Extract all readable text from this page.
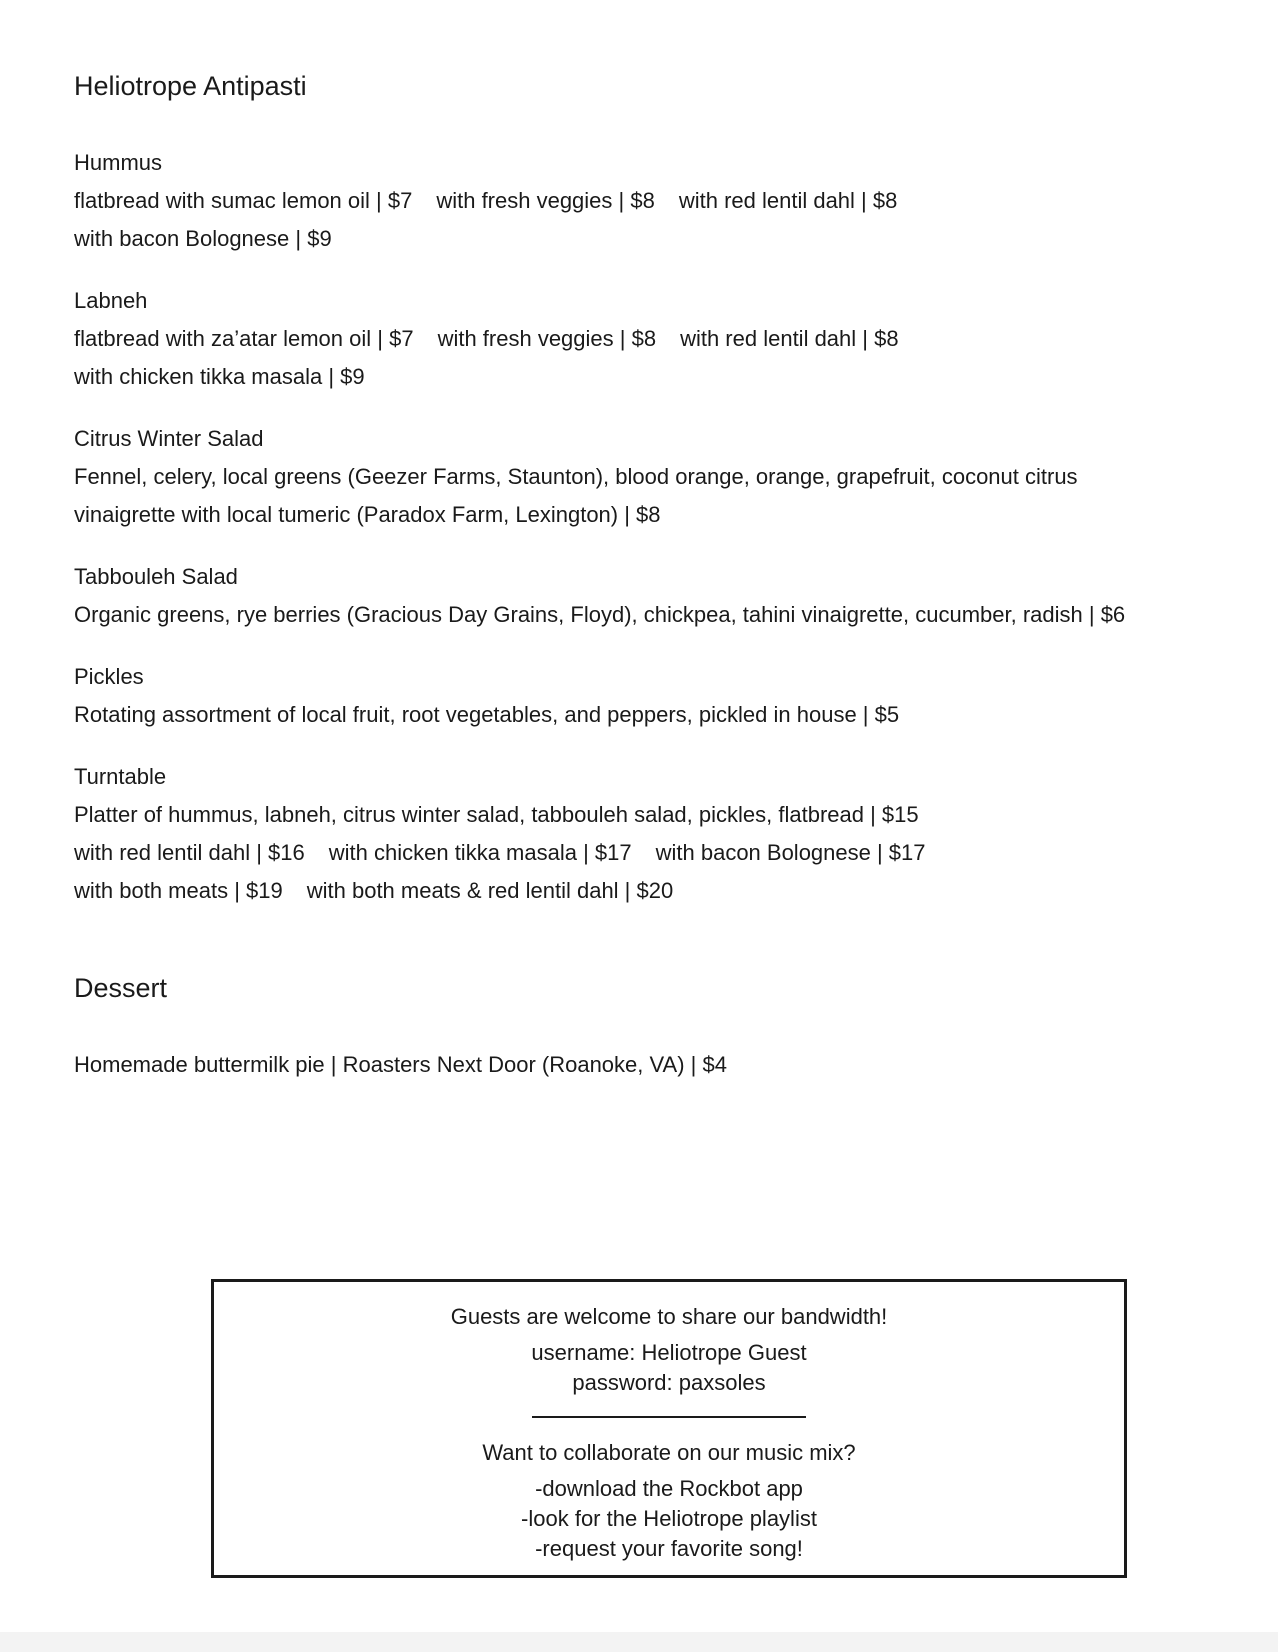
Heliotrope Antipasti

Hummus

flatbread with sumac lemon oil | $7 with fresh veggies | $8 with red lentil dahl | $8

with bacon Bolognese | $9

Labneh

flatbread with za’atar lemon oil | $7 with fresh veggies | $8 with red lentil dahl | $8

with chicken tikka masala | $9

Citrus Winter Salad

Fennel, celery, local greens (Geezer Farms, Staunton), blood orange, orange, grapefruit, coconut citrus

vinaigrette with local tumeric (Paradox Farm, Lexington) | $8

Tabbouleh Salad

Organic greens, rye berries (Gracious Day Grains, Floyd), chickpea, tahini vinaigrette, cucumber, radish | $6

Pickles

Rotating assortment of local fruit, root vegetables, and peppers, pickled in house | $5

Turntable

Platter of hummus, labneh, citrus winter salad, tabbouleh salad, pickles, flatbread | $15

with red lentil dahl | $16 with chicken tikka masala | $17 with bacon Bolognese | $17

with both meats | $19 with both meats & red lentil dahl | $20

Dessert

Homemade buttermilk pie | Roasters Next Door (Roanoke, VA) | $4

Guests are welcome to share our bandwidth!

username: Heliotrope Guest

password: paxsoles

Want to collaborate on our music mix?

-download the Rockbot app

-look for the Heliotrope playlist

-request your favorite song!
